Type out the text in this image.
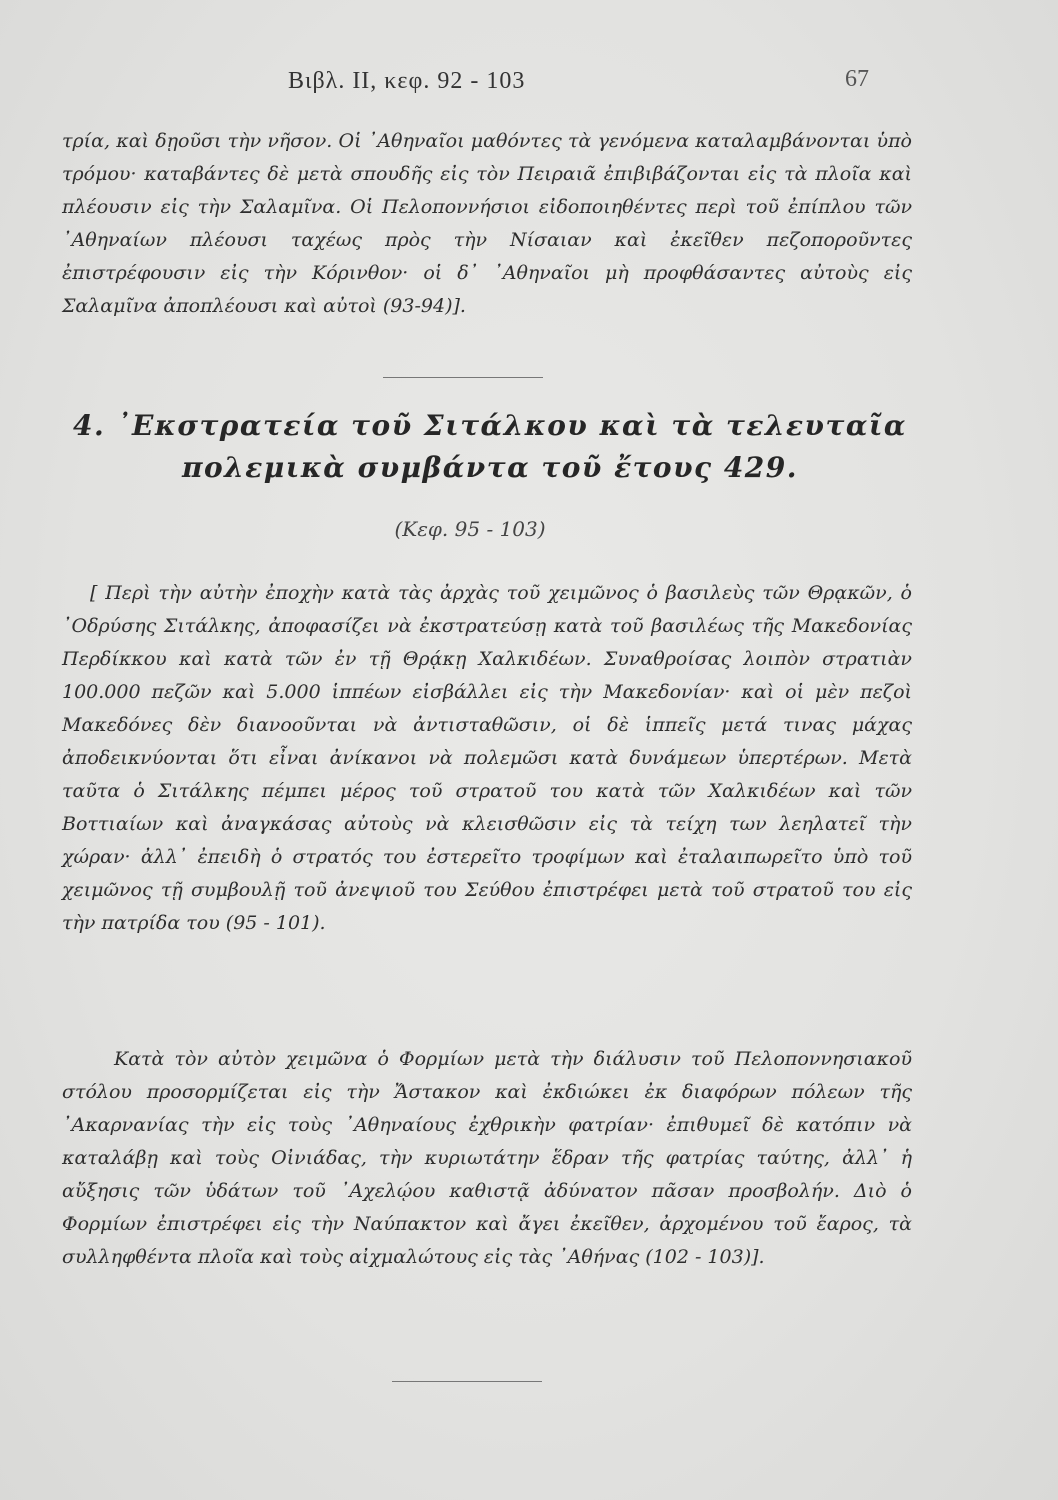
Βιβλ. ΙΙ, κεφ. 92 - 103	67

τρία, καὶ δῃοῦσι τὴν νῆσον. Οἱ ᾿Αθηναῖοι μαθόντες τὰ γενόμενα καταλαμβάνονται ὑπὸ τρόμου· καταβάντες δὲ μετὰ σπουδῆς εἰς τὸν Πειραιᾶ ἐπιβιβάζονται εἰς τὰ πλοῖα καὶ πλέουσιν εἰς τὴν Σαλαμῖνα. Οἱ Πελοποννήσιοι εἰδοποιηθέντες περὶ τοῦ ἐπίπλου τῶν ᾿Αθηναίων πλέουσι ταχέως πρὸς τὴν Νίσαιαν καὶ ἐκεῖθεν πεζοποροῦντες ἐπιστρέφουσιν εἰς τὴν Κόρινθον· οἱ δ᾿ ᾿Αθηναῖοι μὴ προφθάσαντες αὐτοὺς εἰς Σαλαμῖνα ἀποπλέουσι καὶ αὐτοὶ (93-94)].

4. ᾿Εκστρατεία τοῦ Σιτάλκου καὶ τὰ τελευταῖα
πολεμικὰ συμβάντα τοῦ ἔτους 429.
(Κεφ. 95 - 103)

[ Περὶ τὴν αὐτὴν ἐποχὴν κατὰ τὰς ἀρχὰς τοῦ χειμῶνος ὁ βασιλεὺς τῶν Θρᾳκῶν, ὁ ᾿Οδρύσης Σιτάλκης, ἀποφασίζει νὰ ἐκστρατεύσῃ κατὰ τοῦ βασιλέως τῆς Μακεδονίας Περδίκκου καὶ κατὰ τῶν ἐν τῇ Θρᾴκῃ Χαλκιδέων. Συναθροίσας λοιπὸν στρατιὰν 100.000 πεζῶν καὶ 5.000 ἱππέων εἰσβάλλει εἰς τὴν Μακεδονίαν· καὶ οἱ μὲν πεζοὶ Μακεδόνες δὲν διανοοῦνται νὰ ἀντισταθῶσιν, οἱ δὲ ἱππεῖς μετά τινας μάχας ἀποδεικνύονται ὅτι εἶναι ἀνίκανοι νὰ πολεμῶσι κατὰ δυνάμεων ὑπερτέρων. Μετὰ ταῦτα ὁ Σιτάλκης πέμπει μέρος τοῦ στρατοῦ του κατὰ τῶν Χαλκιδέων καὶ τῶν Βοττιαίων καὶ ἀναγκάσας αὐτοὺς νὰ κλεισθῶσιν εἰς τὰ τείχη των λεηλατεῖ τὴν χώραν· ἀλλ᾿ ἐπειδὴ ὁ στρατός του ἐστερεῖτο τροφίμων καὶ ἐταλαιπωρεῖτο ὑπὸ τοῦ χειμῶνος τῇ συμβουλῇ τοῦ ἀνεψιοῦ του Σεύθου ἐπιστρέφει μετὰ τοῦ στρατοῦ του εἰς τὴν πατρίδα του (95 - 101).

Κατὰ τὸν αὐτὸν χειμῶνα ὁ Φορμίων μετὰ τὴν διάλυσιν τοῦ Πελοποννησιακοῦ στόλου προσορμίζεται εἰς τὴν Ἄστακον καὶ ἐκδιώκει ἐκ διαφόρων πόλεων τῆς ᾿Ακαρνανίας τὴν εἰς τοὺς ᾿Αθηναίους ἐχθρικὴν φατρίαν· ἐπιθυμεῖ δὲ κατόπιν νὰ καταλάβῃ καὶ τοὺς Οἰνιάδας, τὴν κυριωτάτην ἕδραν τῆς φατρίας ταύτης, ἀλλ᾿ ἡ αὔξησις τῶν ὑδάτων τοῦ ᾿Αχελῴου καθιστᾷ ἀδύνατον πᾶσαν προσβολήν. Διὸ ὁ Φορμίων ἐπιστρέφει εἰς τὴν Ναύπακτον καὶ ἄγει ἐκεῖθεν, ἀρχομένου τοῦ ἔαρος, τὰ συλληφθέντα πλοῖα καὶ τοὺς αἰχμαλώτους εἰς τὰς ᾿Αθήνας (102 - 103)].
